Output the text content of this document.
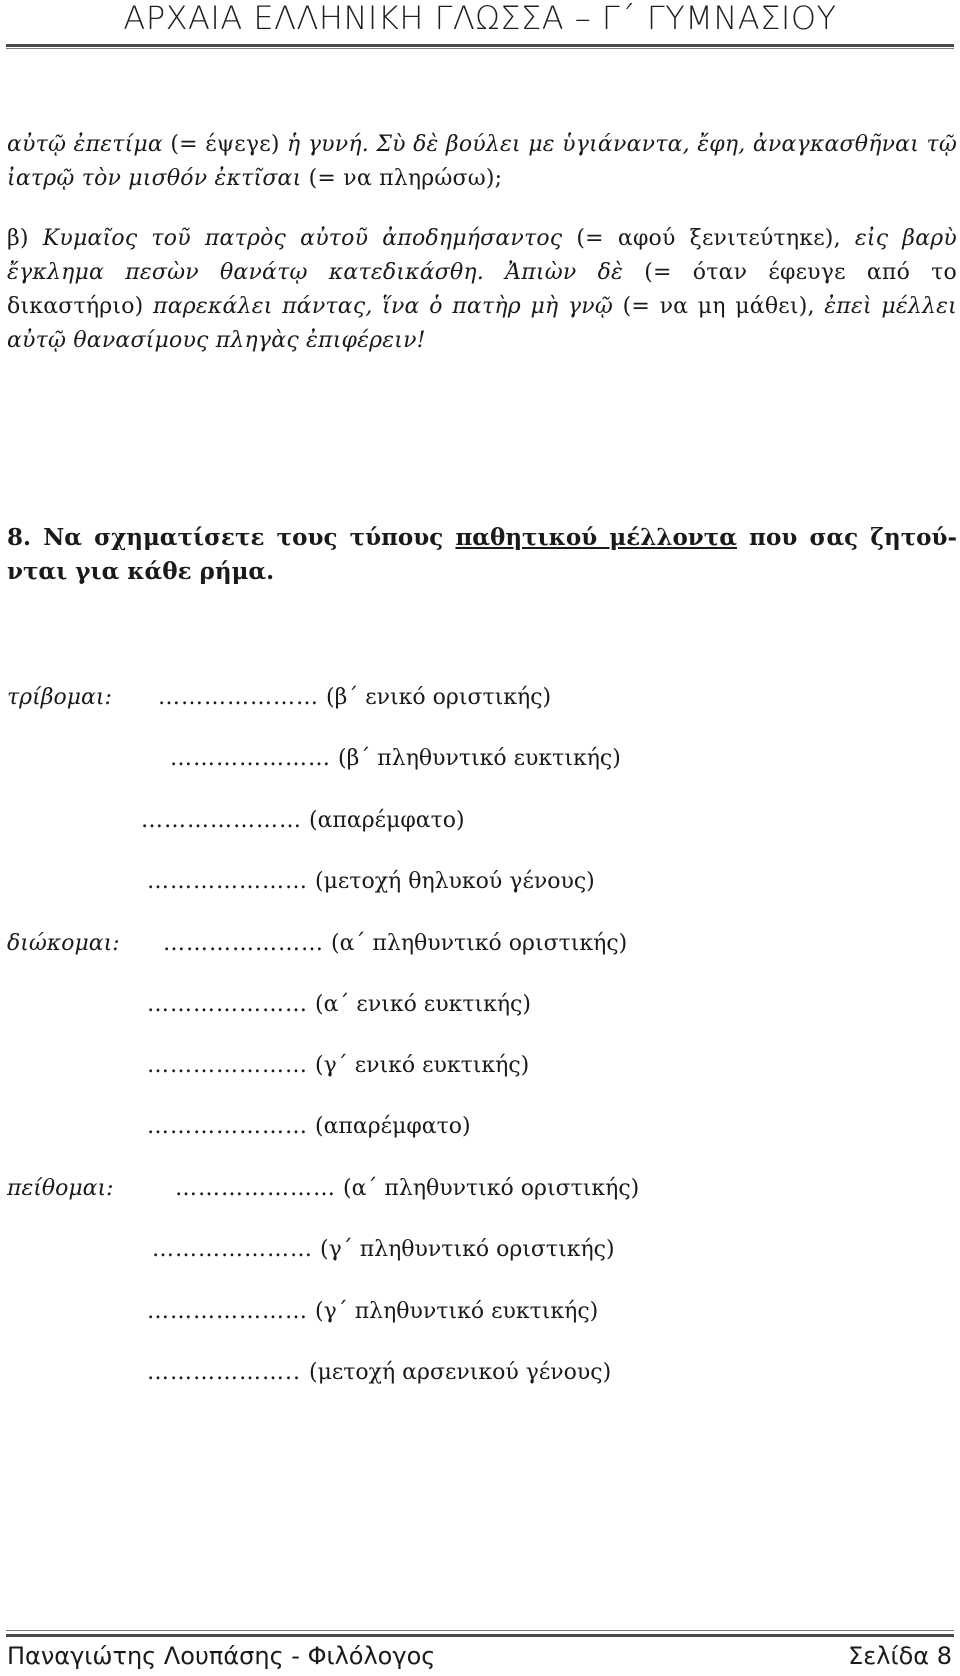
ΑΡΧΑΙΑ ΕΛΛΗΝΙΚΗ ΓΛΩΣΣΑ – Γ΄ ΓΥΜΝΑΣΙΟΥ
αὐτῷ ἐπετίμα (= έψεγε) ἡ γυνή. Σὺ δὲ βούλει με ὑγιάναντα, ἔφη, ἀναγκασθῆναι τῷ ἰατρῷ τὸν μισθόν ἐκτῖσαι (= να πληρώσω);
β) Κυμαῖος τοῦ πατρὸς αὐτοῦ ἀποδημήσαντος (= αφού ξενιτεύτηκε), εἰς βαρὺ ἔγκλημα πεσὼν θανάτῳ κατεδικάσθη. Ἀπιὼν δὲ (= όταν έφευγε από το δικαστήριο) παρεκάλει πάντας, ἵνα ὁ πατὴρ μὴ γνῷ (= να μη μάθει), ἐπεὶ μέλλει αὐτῷ θανασίμους πληγὰς ἐπιφέρειν!
8. Να σχηματίσετε τους τύπους παθητικού μέλλοντα που σας ζητού-νται για κάθε ρήμα.
τρίβομαι:
διώκομαι:
πείθομαι:
………………… (β΄ ενικό οριστικής)
………………… (β΄ πληθυντικό ευκτικής)
………………… (απαρέμφατο)
………………… (μετοχή θηλυκού γένους)
………………… (α΄ πληθυντικό οριστικής)
………………… (α΄ ενικό ευκτικής)
………………… (γ΄ ενικό ευκτικής)
………………… (απαρέμφατο)
………………… (α΄ πληθυντικό οριστικής)
………………… (γ΄ πληθυντικό οριστικής)
………………… (γ΄ πληθυντικό ευκτικής)
……………….. (μετοχή αρσενικού γένους)
Παναγιώτης Λουπάσης - Φιλόλογος	Σελίδα 8
